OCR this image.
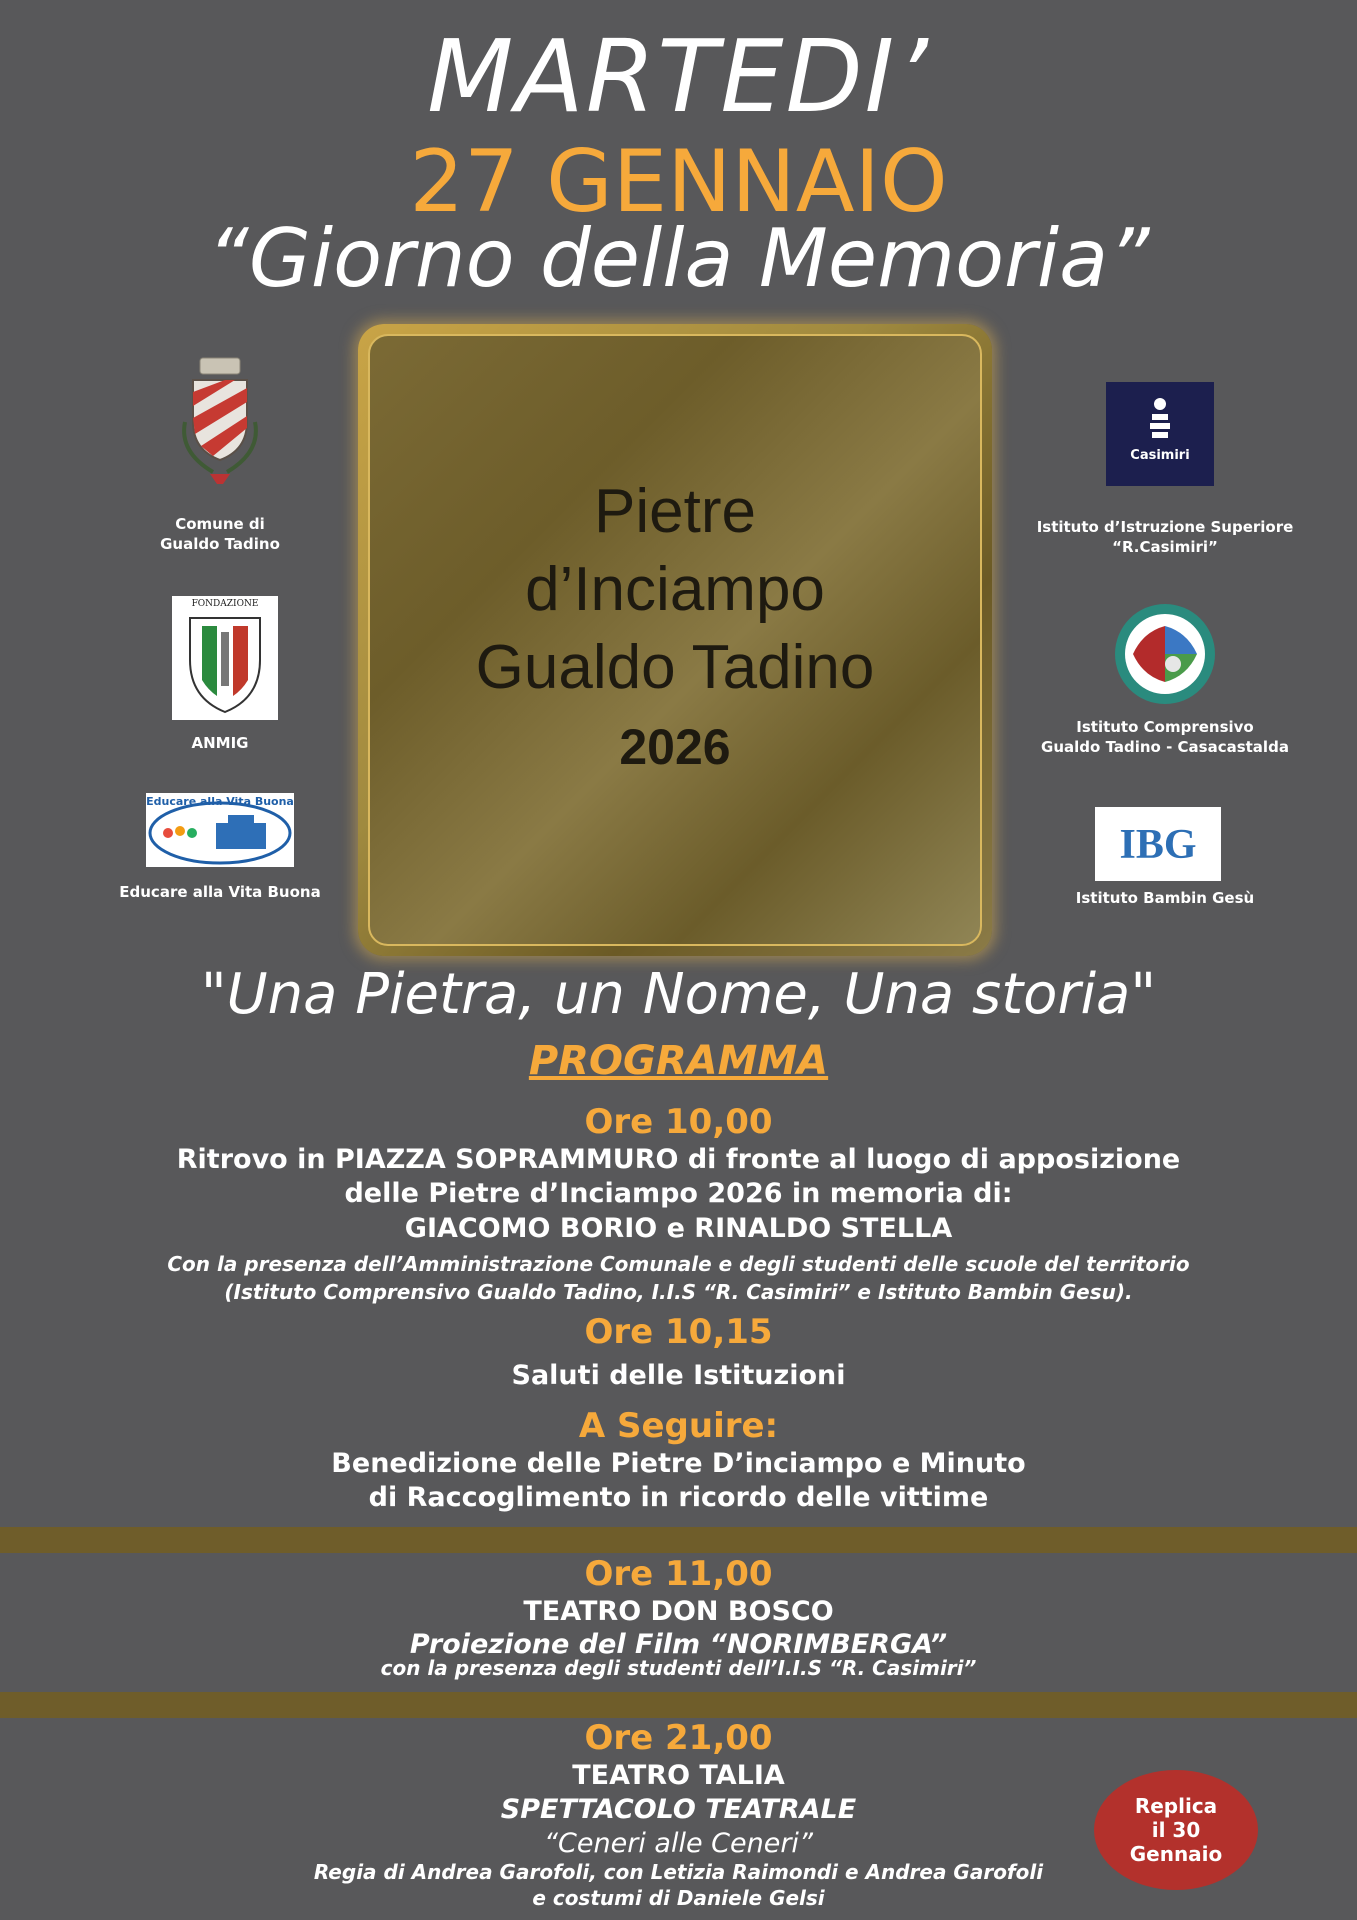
MARTEDI’
27 GENNAIO
“Giorno della Memoria”
Pietre
d’Inciampo
Gualdo Tadino
2026
Comune di
Gualdo Tadino
FONDAZIONE
ANMIG
Educare alla Vita Buona
Educare alla Vita Buona
Casimiri
Istituto d’Istruzione Superiore
“R.Casimiri”
Istituto Comprensivo
Gualdo Tadino - Casacastalda
IBG
Istituto Bambin Gesù
"Una Pietra, un Nome, Una storia"
PROGRAMMA
Ore 10,00
Ritrovo in PIAZZA SOPRAMMURO di fronte al luogo di apposizione
delle Pietre d’Inciampo 2026 in memoria di:
GIACOMO BORIO e RINALDO STELLA
Con la presenza dell’Amministrazione Comunale e degli studenti delle scuole del territorio
(Istituto Comprensivo Gualdo Tadino, I.I.S “R. Casimiri” e Istituto Bambin Gesu).
Ore 10,15
Saluti delle Istituzioni
A Seguire:
Benedizione delle Pietre D’inciampo e Minuto
di Raccoglimento in ricordo delle vittime
Ore 11,00
TEATRO DON BOSCO
Proiezione del Film “NORIMBERGA”
con la presenza degli studenti dell’I.I.S “R. Casimiri”
Ore 21,00
TEATRO TALIA
SPETTACOLO TEATRALE
“Ceneri alle Ceneri”
Regia di Andrea Garofoli, con Letizia Raimondi e Andrea Garofoli
e costumi di Daniele Gelsi
Replica
il 30
Gennaio
